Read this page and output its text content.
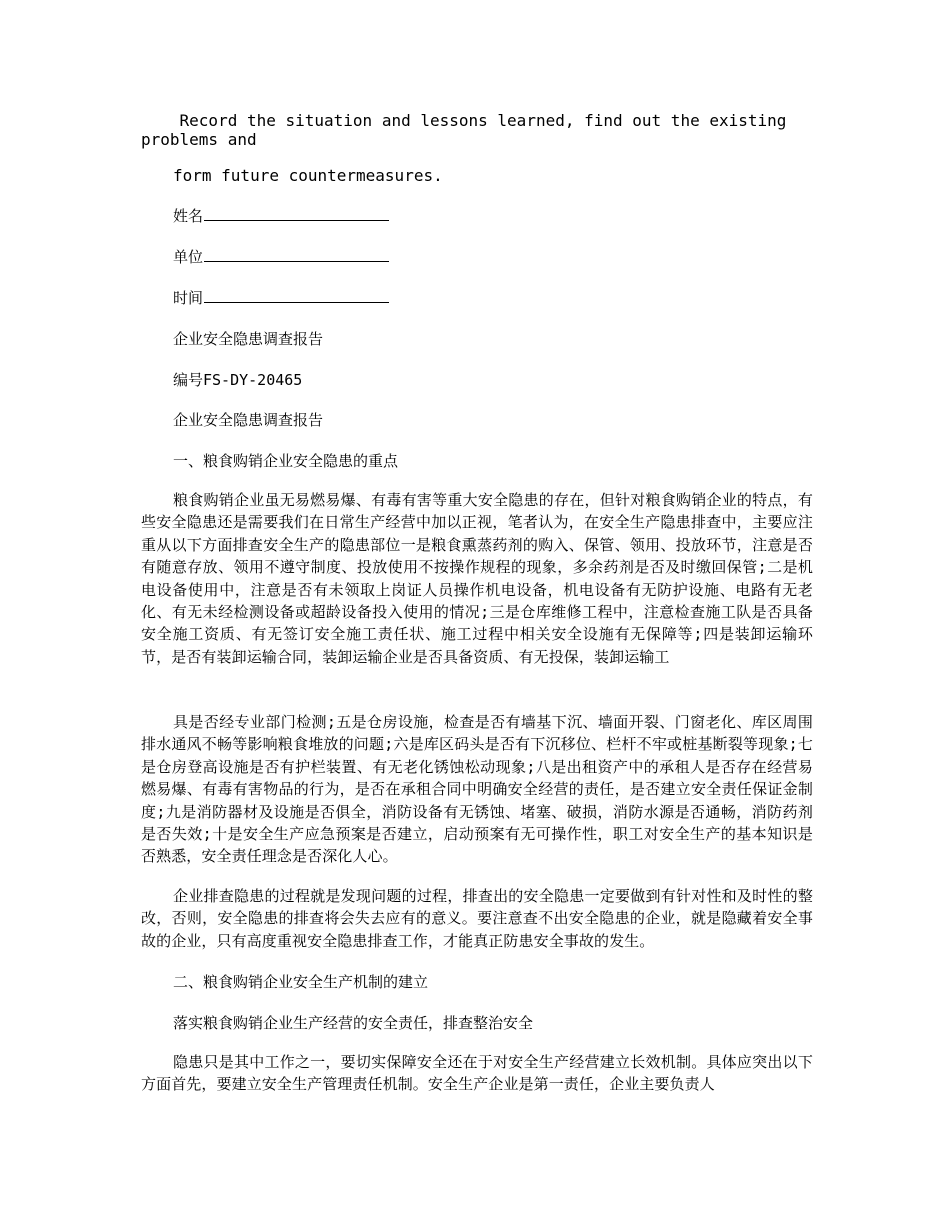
Record the situation and lessons learned, find out the existing problems and

form future countermeasures.

姓名

单位

时间

企业安全隐患调查报告

编号FS-DY-20465

企业安全隐患调查报告

一、粮食购销企业安全隐患的重点

粮食购销企业虽无易燃易爆、有毒有害等重大安全隐患的存在，但针对粮食购销企业的特点，有些安全隐患还是需要我们在日常生产经营中加以正视，笔者认为，在安全生产隐患排查中，主要应注重从以下方面排查安全生产的隐患部位一是粮食熏蒸药剂的购入、保管、领用、投放环节，注意是否有随意存放、领用不遵守制度、投放使用不按操作规程的现象，多余药剂是否及时缴回保管;二是机电设备使用中，注意是否有未领取上岗证人员操作机电设备，机电设备有无防护设施、电路有无老化、有无未经检测设备或超龄设备投入使用的情况;三是仓库维修工程中，注意检查施工队是否具备安全施工资质、有无签订安全施工责任状、施工过程中相关安全设施有无保障等;四是装卸运输环节，是否有装卸运输合同，装卸运输企业是否具备资质、有无投保，装卸运输工

具是否经专业部门检测;五是仓房设施，检查是否有墙基下沉、墙面开裂、门窗老化、库区周围排水通风不畅等影响粮食堆放的问题;六是库区码头是否有下沉移位、栏杆不牢或桩基断裂等现象;七是仓房登高设施是否有护栏装置、有无老化锈蚀松动现象;八是出租资产中的承租人是否存在经营易燃易爆、有毒有害物品的行为，是否在承租合同中明确安全经营的责任，是否建立安全责任保证金制度;九是消防器材及设施是否俱全，消防设备有无锈蚀、堵塞、破损，消防水源是否通畅，消防药剂是否失效;十是安全生产应急预案是否建立，启动预案有无可操作性，职工对安全生产的基本知识是否熟悉，安全责任理念是否深化人心。

企业排查隐患的过程就是发现问题的过程，排查出的安全隐患一定要做到有针对性和及时性的整改，否则，安全隐患的排查将会失去应有的意义。要注意查不出安全隐患的企业，就是隐藏着安全事故的企业，只有高度重视安全隐患排查工作，才能真正防患安全事故的发生。

二、粮食购销企业安全生产机制的建立

落实粮食购销企业生产经营的安全责任，排查整治安全

隐患只是其中工作之一，要切实保障安全还在于对安全生产经营建立长效机制。具体应突出以下方面首先，要建立安全生产管理责任机制。安全生产企业是第一责任，企业主要负责人
